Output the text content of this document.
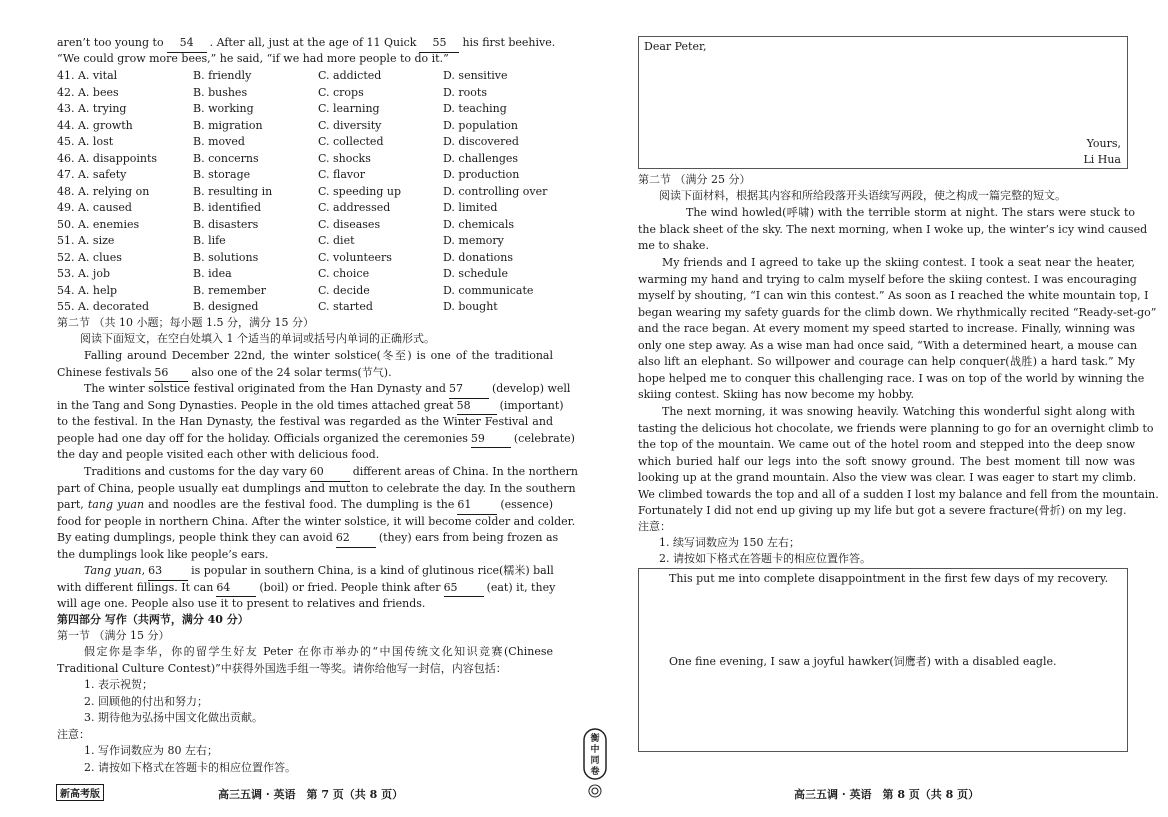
aren’t too young to 54 . After all, just at the age of 11 Quick 55 his first beehive.
“We could grow more bees,” he said, “if we had more people to do it.”
41. A. vital	B. friendly	C. addicted	D. sensitive
42. A. bees	B. bushes	C. crops	D. roots
43. A. trying	B. working	C. learning	D. teaching
44. A. growth	B. migration	C. diversity	D. population
45. A. lost	B. moved	C. collected	D. discovered
46. A. disappoints	B. concerns	C. shocks	D. challenges
47. A. safety	B. storage	C. flavor	D. production
48. A. relying on	B. resulting in	C. speeding up	D. controlling over
49. A. caused	B. identified	C. addressed	D. limited
50. A. enemies	B. disasters	C. diseases	D. chemicals
51. A. size	B. life	C. diet	D. memory
52. A. clues	B. solutions	C. volunteers	D. donations
53. A. job	B. idea	C. choice	D. schedule
54. A. help	B. remember	C. decide	D. communicate
55. A. decorated	B. designed	C. started	D. bought
第二节 （共 10 小题；每小题 1.5 分，满分 15 分）
阅读下面短文，在空白处填入 1 个适当的单词或括号内单词的正确形式。
Falling around December 22nd, the winter solstice(冬至) is one of the traditional
Chinese festivals 56 also one of the 24 solar terms(节气).
The winter solstice festival originated from the Han Dynasty and 57	(develop) well
in the Tang and Song Dynasties. People in the old times attached great 58	(important)
to the festival. In the Han Dynasty, the festival was regarded as the Winter Festival and
people had one day off for the holiday. Officials organized the ceremonies 59	(celebrate)
the day and people visited each other with delicious food.
Traditions and customs for the day vary 60	different areas of China. In the northern
part of China, people usually eat dumplings and mutton to celebrate the day. In the southern
part, tang yuan and noodles are the festival food. The dumpling is the 61	(essence)
food for people in northern China. After the winter solstice, it will become colder and colder.
By eating dumplings, people think they can avoid 62	(they) ears from being frozen as
the dumplings look like people’s ears.
Tang yuan, 63	is popular in southern China, is a kind of glutinous rice(糯米) ball
with different fillings. It can 64	(boil) or fried. People think after 65	(eat) it, they
will age one. People also use it to present to relatives and friends.
第四部分 写作（共两节，满分 40 分）
第一节 （满分 15 分）
假定你是李华，你的留学生好友 Peter 在你市举办的“中国传统文化知识竞赛(Chinese
Traditional Culture Contest)”中获得外国选手组一等奖。请你给他写一封信，内容包括：
1. 表示祝贺；
2. 回顾他的付出和努力；
3. 期待他为弘扬中国文化做出贡献。
注意：
1. 写作词数应为 80 左右；
2. 请按如下格式在答题卡的相应位置作答。
新高考版	高三五调 · 英语　第 7 页（共 8 页）
衡
中
同
卷
Dear Peter,
Yours,
Li Hua
第二节 （满分 25 分）
阅读下面材料，根据其内容和所给段落开头语续写两段，使之构成一篇完整的短文。
The wind howled(呼啸) with the terrible storm at night. The stars were stuck to
the black sheet of the sky. The next morning, when I woke up, the winter’s icy wind caused
me to shake.
My friends and I agreed to take up the skiing contest. I took a seat near the heater,
warming my hand and trying to calm myself before the skiing contest. I was encouraging
myself by shouting, “I can win this contest.” As soon as I reached the white mountain top, I
began wearing my safety guards for the climb down. We rhythmically recited “Ready-set-go”
and the race began. At every moment my speed started to increase. Finally, winning was
only one step away. As a wise man had once said, “With a determined heart, a mouse can
also lift an elephant. So willpower and courage can help conquer(战胜) a hard task.” My
hope helped me to conquer this challenging race. I was on top of the world by winning the
skiing contest. Skiing has now become my hobby.
The next morning, it was snowing heavily. Watching this wonderful sight along with
tasting the delicious hot chocolate, we friends were planning to go for an overnight climb to
the top of the mountain. We came out of the hotel room and stepped into the deep snow
which buried half our legs into the soft snowy ground. The best moment till now was
looking up at the grand mountain. Also the view was clear. I was eager to start my climb.
We climbed towards the top and all of a sudden I lost my balance and fell from the mountain.
Fortunately I did not end up giving up my life but got a severe fracture(骨折) on my leg.
注意：
1. 续写词数应为 150 左右；
2. 请按如下格式在答题卡的相应位置作答。
This put me into complete disappointment in the first few days of my recovery.
One fine evening, I saw a joyful hawker(饲鹰者) with a disabled eagle.
高三五调 · 英语　第 8 页（共 8 页）
